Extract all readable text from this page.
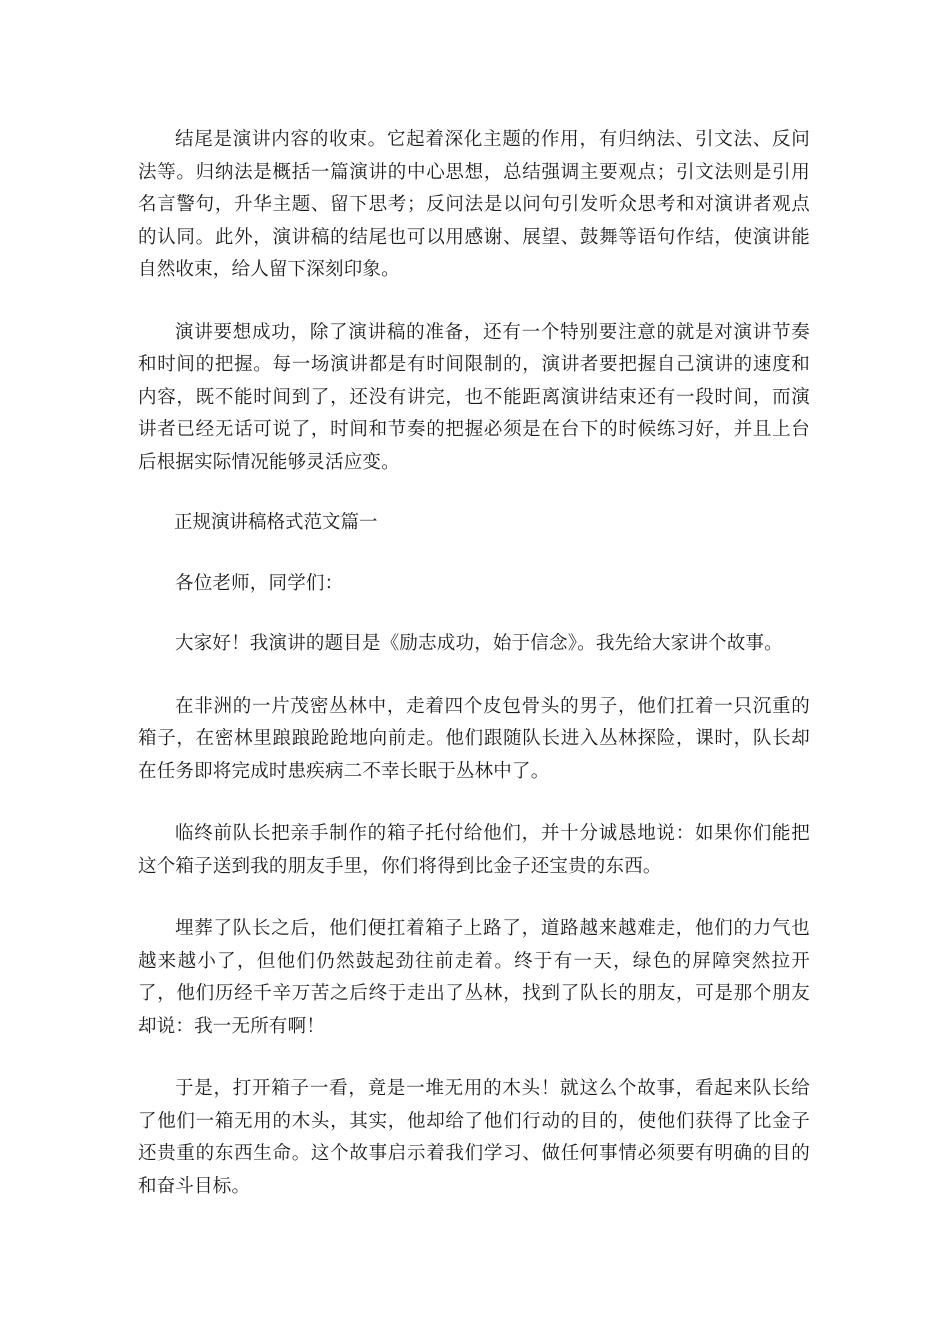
结尾是演讲内容的收束。它起着深化主题的作用，有归纳法、引文法、反问法等。归纳法是概括一篇演讲的中心思想，总结强调主要观点；引文法则是引用名言警句，升华主题、留下思考；反问法是以问句引发听众思考和对演讲者观点的认同。此外，演讲稿的结尾也可以用感谢、展望、鼓舞等语句作结，使演讲能自然收束，给人留下深刻印象。

演讲要想成功，除了演讲稿的准备，还有一个特别要注意的就是对演讲节奏和时间的把握。每一场演讲都是有时间限制的，演讲者要把握自己演讲的速度和内容，既不能时间到了，还没有讲完，也不能距离演讲结束还有一段时间，而演讲者已经无话可说了，时间和节奏的把握必须是在台下的时候练习好，并且上台后根据实际情况能够灵活应变。

正规演讲稿格式范文篇一

各位老师，同学们：

大家好！我演讲的题目是《励志成功，始于信念》。我先给大家讲个故事。

在非洲的一片茂密丛林中，走着四个皮包骨头的男子，他们扛着一只沉重的箱子，在密林里踉踉跄跄地向前走。他们跟随队长进入丛林探险，课时，队长却在任务即将完成时患疾病二不幸长眠于丛林中了。

临终前队长把亲手制作的箱子托付给他们，并十分诚恳地说：如果你们能把这个箱子送到我的朋友手里，你们将得到比金子还宝贵的东西。

埋葬了队长之后，他们便扛着箱子上路了，道路越来越难走，他们的力气也越来越小了，但他们仍然鼓起劲往前走着。终于有一天，绿色的屏障突然拉开了，他们历经千辛万苦之后终于走出了丛林，找到了队长的朋友，可是那个朋友却说：我一无所有啊！

于是，打开箱子一看，竟是一堆无用的木头！就这么个故事，看起来队长给了他们一箱无用的木头，其实，他却给了他们行动的目的，使他们获得了比金子还贵重的东西生命。这个故事启示着我们学习、做任何事情必须要有明确的目的和奋斗目标。
